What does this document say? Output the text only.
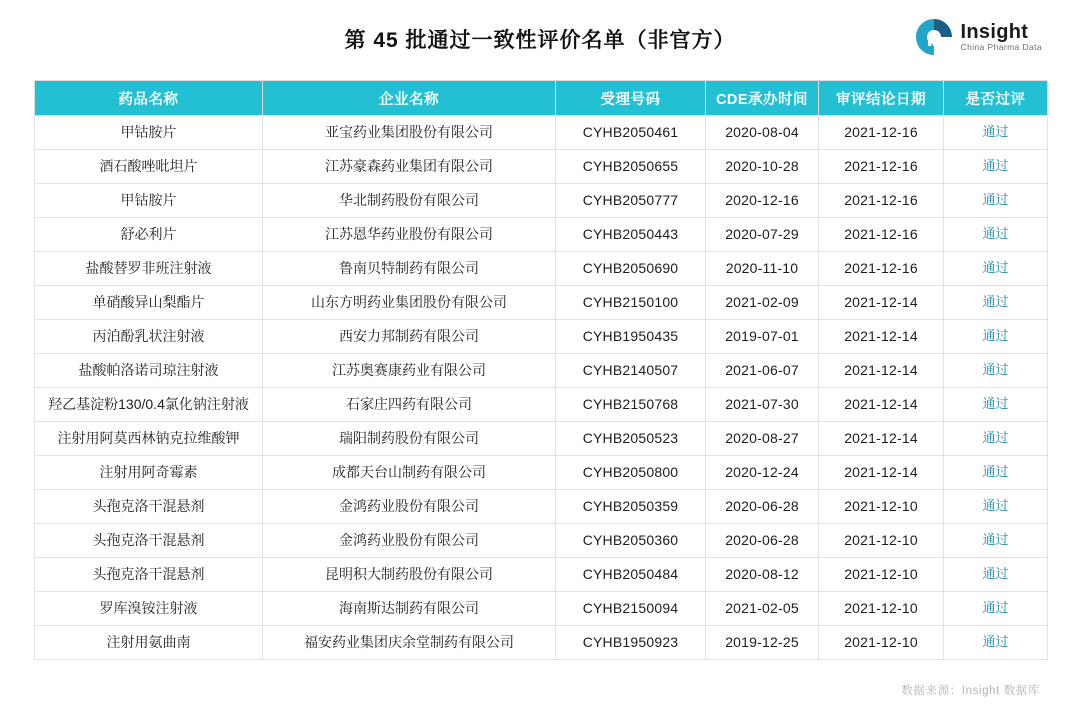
第 45 批通过一致性评价名单（非官方）	Insight
China Pharma Data
药品名称	企业名称	受理号码	CDE承办时间	审评结论日期	是否过评
甲钴胺片	亚宝药业集团股份有限公司	CYHB2050461	2020-08-04	2021-12-16	通过
酒石酸唑吡坦片	江苏豪森药业集团有限公司	CYHB2050655	2020-10-28	2021-12-16	通过
甲钴胺片	华北制药股份有限公司	CYHB2050777	2020-12-16	2021-12-16	通过
舒必利片	江苏恩华药业股份有限公司	CYHB2050443	2020-07-29	2021-12-16	通过
盐酸替罗非班注射液	鲁南贝特制药有限公司	CYHB2050690	2020-11-10	2021-12-16	通过
单硝酸异山梨酯片	山东方明药业集团股份有限公司	CYHB2150100	2021-02-09	2021-12-14	通过
丙泊酚乳状注射液	西安力邦制药有限公司	CYHB1950435	2019-07-01	2021-12-14	通过
盐酸帕洛诺司琼注射液	江苏奥赛康药业有限公司	CYHB2140507	2021-06-07	2021-12-14	通过
羟乙基淀粉130/0.4氯化钠注射液	石家庄四药有限公司	CYHB2150768	2021-07-30	2021-12-14	通过
注射用阿莫西林钠克拉维酸钾	瑞阳制药股份有限公司	CYHB2050523	2020-08-27	2021-12-14	通过
注射用阿奇霉素	成都天台山制药有限公司	CYHB2050800	2020-12-24	2021-12-14	通过
头孢克洛干混悬剂	金鸿药业股份有限公司	CYHB2050359	2020-06-28	2021-12-10	通过
头孢克洛干混悬剂	金鸿药业股份有限公司	CYHB2050360	2020-06-28	2021-12-10	通过
头孢克洛干混悬剂	昆明积大制药股份有限公司	CYHB2050484	2020-08-12	2021-12-10	通过
罗库溴铵注射液	海南斯达制药有限公司	CYHB2150094	2021-02-05	2021-12-10	通过
注射用氨曲南	福安药业集团庆余堂制药有限公司	CYHB1950923	2019-12-25	2021-12-10	通过
数据来源：Insight 数据库
